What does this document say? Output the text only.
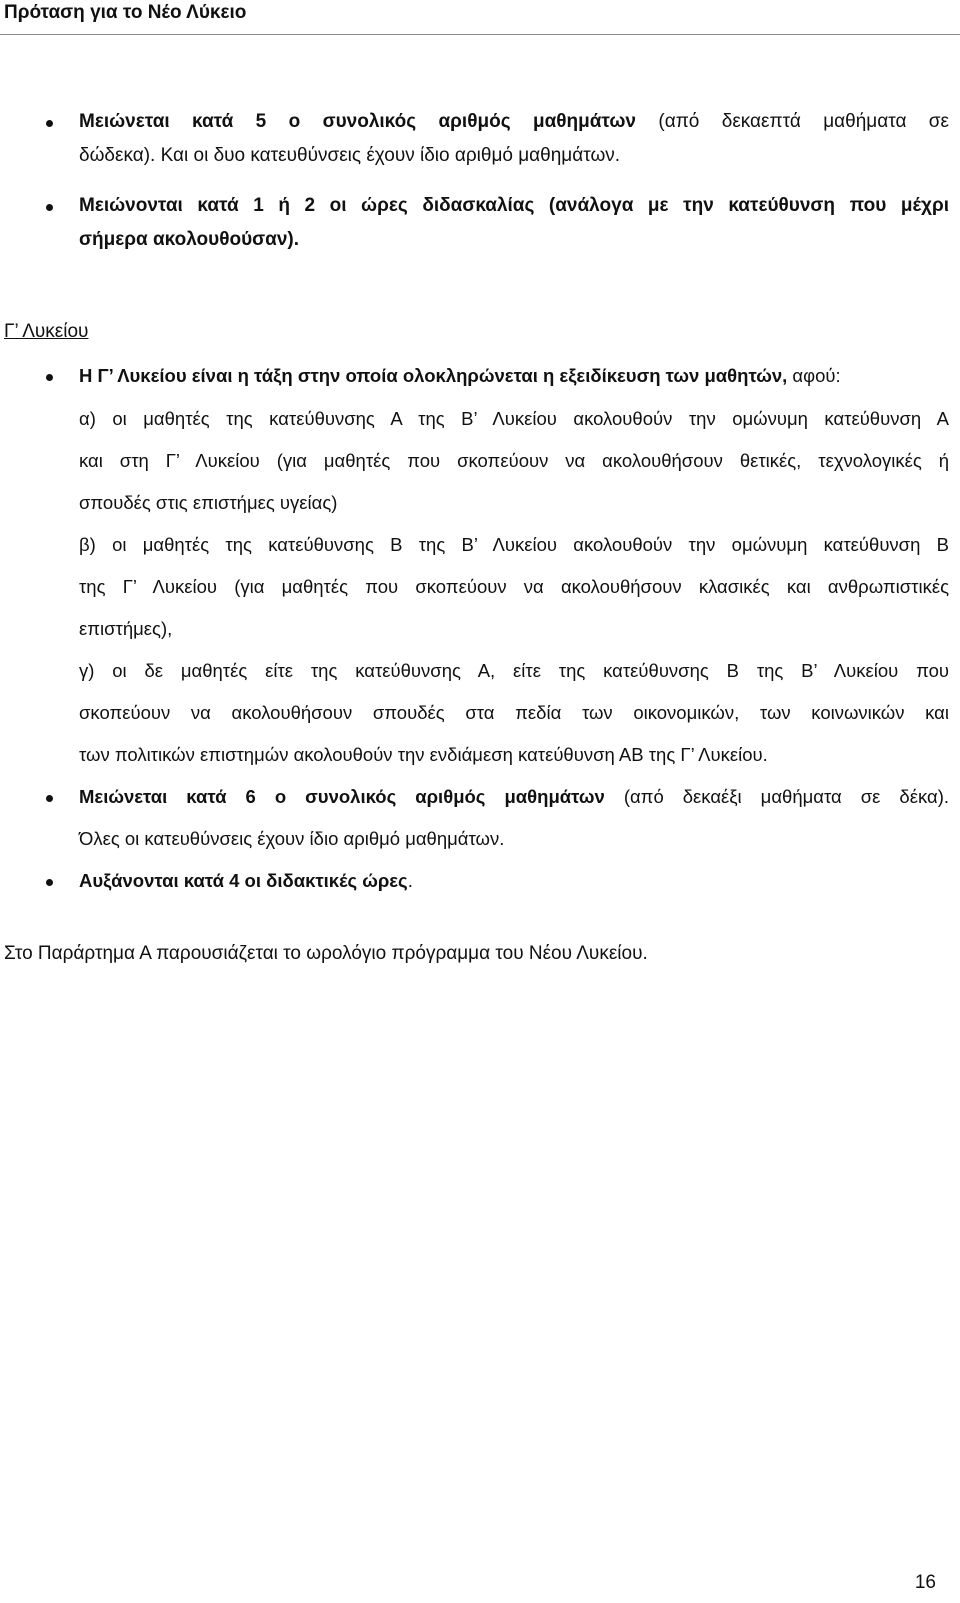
Πρόταση για το Νέο Λύκειο
Μειώνεται κατά 5 ο συνολικός αριθμός μαθημάτων (από δεκαεπτά μαθήματα σε
δώδεκα). Και οι δυο κατευθύνσεις έχουν ίδιο αριθμό μαθημάτων.
Μειώνονται κατά 1 ή 2 οι ώρες διδασκαλίας (ανάλογα με την κατεύθυνση που μέχρι
σήμερα ακολουθούσαν).
Γ’ Λυκείου
Η Γ’ Λυκείου είναι η τάξη στην οποία ολοκληρώνεται η εξειδίκευση των μαθητών, αφού:
α) οι μαθητές της κατεύθυνσης Α της Β’ Λυκείου ακολουθούν την ομώνυμη κατεύθυνση Α
και στη Γ’ Λυκείου (για μαθητές που σκοπεύουν να ακολουθήσουν θετικές, τεχνολογικές ή
σπουδές στις επιστήμες υγείας)
β) οι μαθητές της κατεύθυνσης Β της Β’ Λυκείου ακολουθούν την ομώνυμη κατεύθυνση Β
της Γ’ Λυκείου (για μαθητές που σκοπεύουν να ακολουθήσουν κλασικές και ανθρωπιστικές
επιστήμες),
γ) οι δε μαθητές είτε της κατεύθυνσης Α, είτε της κατεύθυνσης Β της Β’ Λυκείου που
σκοπεύουν να ακολουθήσουν σπουδές στα πεδία των οικονομικών, των κοινωνικών και
των πολιτικών επιστημών ακολουθούν την ενδιάμεση κατεύθυνση ΑΒ της Γ’ Λυκείου.
Μειώνεται κατά 6 ο συνολικός αριθμός μαθημάτων (από δεκαέξι μαθήματα σε δέκα).
Όλες οι κατευθύνσεις έχουν ίδιο αριθμό μαθημάτων.
Αυξάνονται κατά 4 οι διδακτικές ώρες.
Στο Παράρτημα Α παρουσιάζεται το ωρολόγιο πρόγραμμα του Νέου Λυκείου.
16
